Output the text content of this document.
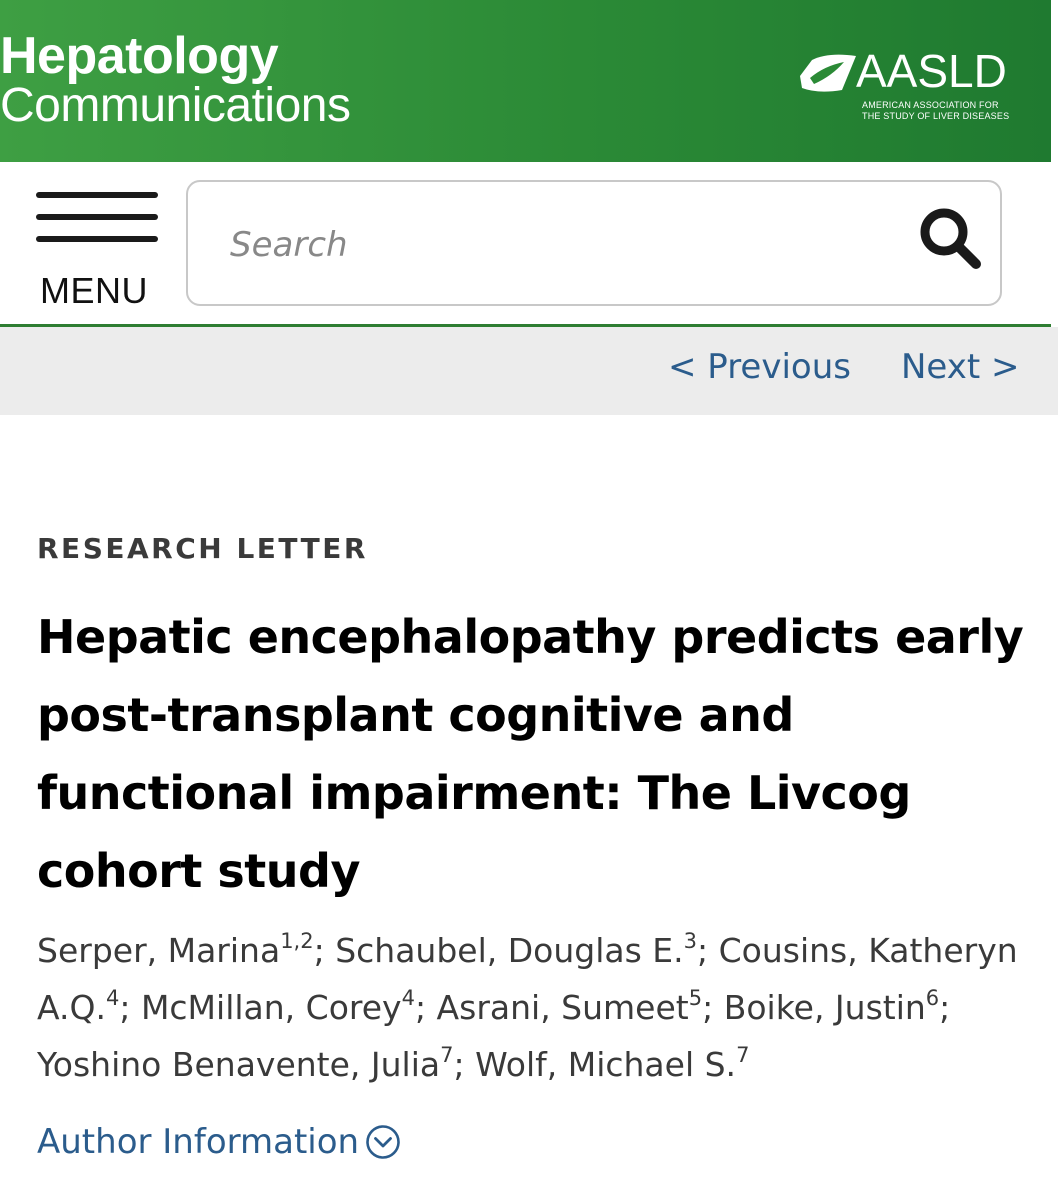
Hepatology
Communications
AASLD
AMERICAN ASSOCIATION FOR
THE STUDY OF LIVER DISEASES
MENU
Search
< Previous Next >
RESEARCH LETTER
Hepatic encephalopathy predicts early post-transplant cognitive and functional impairment: The Livcog cohort study
Serper, Marina$^{1,2}$; Schaubel, Douglas E.$^3$; Cousins, Katheryn A.Q.$^4$; McMillan, Corey$^4$; Asrani, Sumeet$^5$; Boike, Justin$^6$; Yoshino Benavente, Julia$^7$; Wolf, Michael S.$^7$
Author Information
